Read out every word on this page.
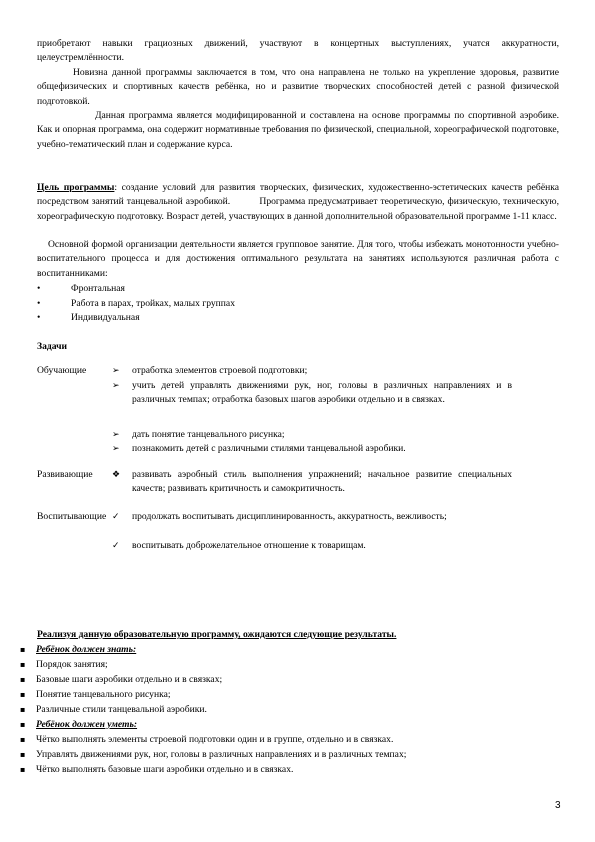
приобретают навыки грациозных движений, участвуют в концертных выступлениях, учатся аккуратности, целеустремлённости.
Новизна данной программы заключается в том, что она направлена не только на укрепление здоровья, развитие общефизических и спортивных качеств ребёнка, но и развитие творческих способностей детей с разной физической подготовкой.
Данная программа является модифицированной и составлена на основе программы по спортивной аэробике. Как и опорная программа, она содержит нормативные требования по физической, специальной, хореографической подготовке, учебно-тематический план и содержание курса.
Цель программы: создание условий для развития творческих, физических, художественно-эстетических качеств ребёнка посредством занятий танцевальной аэробикой.          Программа предусматривает теоретическую, физическую, техническую, хореографическую подготовку. Возраст детей, участвующих в данной дополнительной образовательной программе 1-11 класс.
Основной формой организации деятельности является групповое занятие. Для того, чтобы избежать монотонности учебно-воспитательного процесса и для достижения оптимального результата на занятиях используются различная работа с воспитанниками:
•	Фронтальная
•	Работа в парах, тройках, малых группах
•	Индивидуальная
Задачи
Обучающие	➢ отработка элементов строевой подготовки;
➢ учить детей управлять движениями рук, ног, головы в различных направлениях и в различных темпах; отработка базовых шагов аэробики отдельно и в связках.
➢ дать понятие танцевального рисунка;
➢ познакомить детей с различными стилями танцевальной аэробики.
Развивающие ❖ развивать аэробный стиль выполнения упражнений; начальное развитие специальных качеств; развивать критичность и самокритичность.
Воспитывающие ✓ продолжать воспитывать дисциплинированность, аккуратность, вежливость;
✓ воспитывать доброжелательное отношение к товарищам.
Реализуя данную образовательную программу, ожидаются следующие результаты.
▪ Ребёнок должен знать:
▪ Порядок занятия;
▪ Базовые шаги аэробики отдельно и в связках;
▪ Понятие танцевального рисунка;
▪ Различные стили танцевальной аэробики.
▪ Ребёнок должен уметь:
▪ Чётко выполнять элементы строевой подготовки один и в группе, отдельно и в связках.
▪ Управлять движениями рук, ног, головы в различных направлениях и в различных темпах;
▪ Чётко выполнять базовые шаги аэробики отдельно и в связках.
3
